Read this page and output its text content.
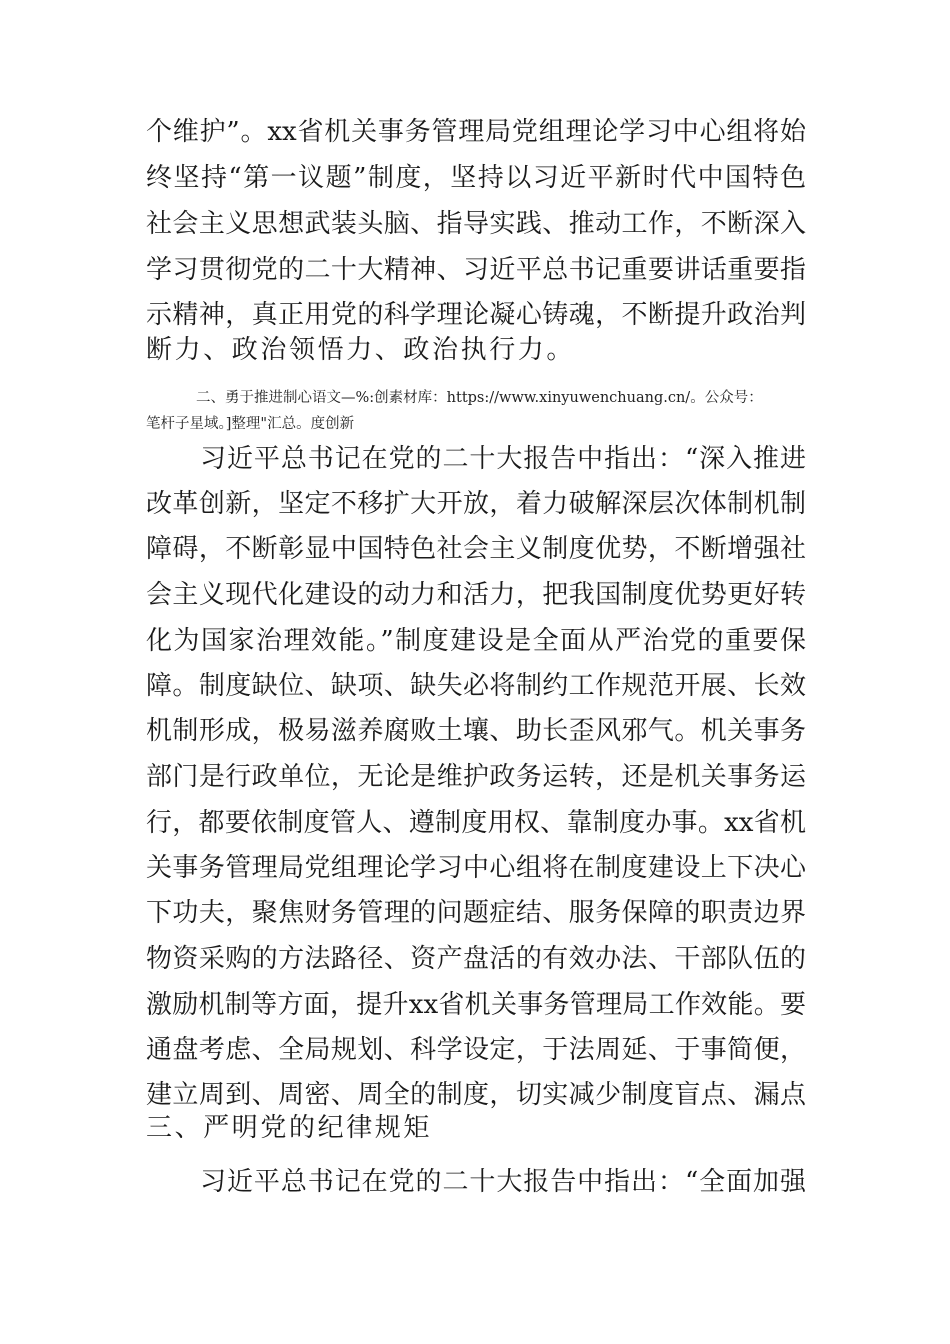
个维护”。xx省机关事务管理局党组理论学习中心组将始
终坚持“第一议题”制度，坚持以习近平新时代中国特色
社会主义思想武装头脑、指导实践、推动工作，不断深入
学习贯彻党的二十大精神、习近平总书记重要讲话重要指
示精神，真正用党的科学理论凝心铸魂，不断提升政治判
断力、政治领悟力、政治执行力。
二、勇于推进制心语文—%:创素材库：https://www.xinyuwenchuang.cn/。公众号：
笔杆子星域。]整理"汇总。度创新
习近平总书记在党的二十大报告中指出：“深入推进
改革创新，坚定不移扩大开放，着力破解深层次体制机制
障碍，不断彰显中国特色社会主义制度优势，不断增强社
会主义现代化建设的动力和活力，把我国制度优势更好转
化为国家治理效能。”制度建设是全面从严治党的重要保
障。制度缺位、缺项、缺失必将制约工作规范开展、长效
机制形成，极易滋养腐败土壤、助长歪风邪气。机关事务
部门是行政单位，无论是维护政务运转，还是机关事务运
行，都要依制度管人、遵制度用权、靠制度办事。xx省机
关事务管理局党组理论学习中心组将在制度建设上下决心
下功夫，聚焦财务管理的问题症结、服务保障的职责边界
物资采购的方法路径、资产盘活的有效办法、干部队伍的
激励机制等方面，提升xx省机关事务管理局工作效能。要
通盘考虑、全局规划、科学设定，于法周延、于事简便，
建立周到、周密、周全的制度，切实减少制度盲点、漏点
三、严明党的纪律规矩
习近平总书记在党的二十大报告中指出：“全面加强
